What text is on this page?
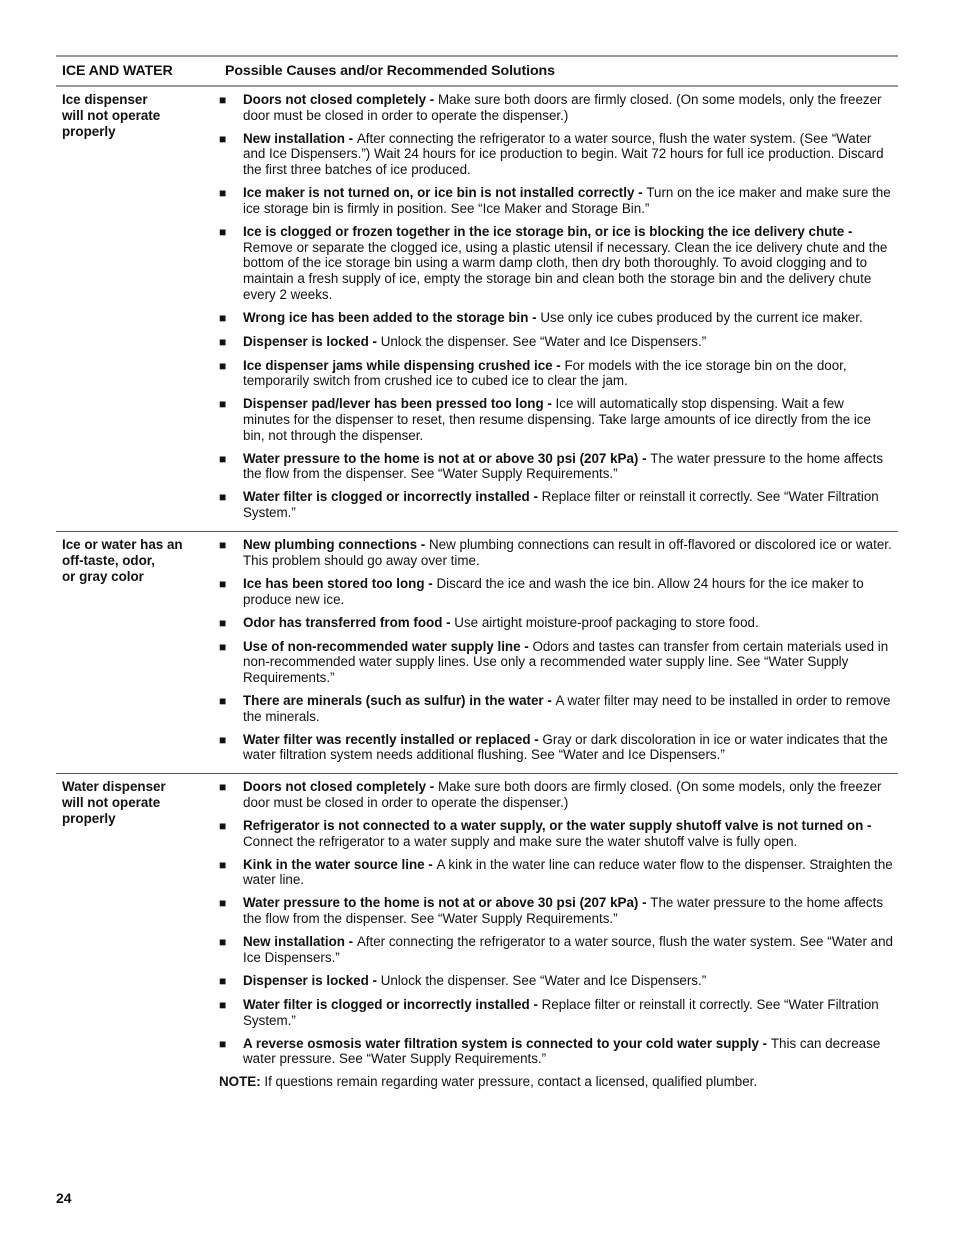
ICE AND WATER	Possible Causes and/or Recommended Solutions
Ice dispenser
will not operate
properly
■	Doors not closed completely - Make sure both doors are firmly closed. (On some models, only the freezer door must be closed in order to operate the dispenser.)
■	New installation - After connecting the refrigerator to a water source, flush the water system. (See “Water and Ice Dispensers.”) Wait 24 hours for ice production to begin. Wait 72 hours for full ice production. Discard the first three batches of ice produced.
■	Ice maker is not turned on, or ice bin is not installed correctly - Turn on the ice maker and make sure the ice storage bin is firmly in position. See “Ice Maker and Storage Bin.”
■	Ice is clogged or frozen together in the ice storage bin, or ice is blocking the ice delivery chute - Remove or separate the clogged ice, using a plastic utensil if necessary. Clean the ice delivery chute and the bottom of the ice storage bin using a warm damp cloth, then dry both thoroughly. To avoid clogging and to maintain a fresh supply of ice, empty the storage bin and clean both the storage bin and the delivery chute every 2 weeks.
■	Wrong ice has been added to the storage bin - Use only ice cubes produced by the current ice maker.
■	Dispenser is locked - Unlock the dispenser. See “Water and Ice Dispensers.”
■	Ice dispenser jams while dispensing crushed ice - For models with the ice storage bin on the door, temporarily switch from crushed ice to cubed ice to clear the jam.
■	Dispenser pad/lever has been pressed too long - Ice will automatically stop dispensing. Wait a few minutes for the dispenser to reset, then resume dispensing. Take large amounts of ice directly from the ice bin, not through the dispenser.
■	Water pressure to the home is not at or above 30 psi (207 kPa) - The water pressure to the home affects the flow from the dispenser. See “Water Supply Requirements.”
■	Water filter is clogged or incorrectly installed - Replace filter or reinstall it correctly. See “Water Filtration System.”
Ice or water has an
off-taste, odor,
or gray color
■	New plumbing connections - New plumbing connections can result in off-flavored or discolored ice or water. This problem should go away over time.
■	Ice has been stored too long - Discard the ice and wash the ice bin. Allow 24 hours for the ice maker to produce new ice.
■	Odor has transferred from food - Use airtight moisture-proof packaging to store food.
■	Use of non-recommended water supply line - Odors and tastes can transfer from certain materials used in non-recommended water supply lines. Use only a recommended water supply line. See “Water Supply Requirements.”
■	There are minerals (such as sulfur) in the water - A water filter may need to be installed in order to remove the minerals.
■	Water filter was recently installed or replaced - Gray or dark discoloration in ice or water indicates that the water filtration system needs additional flushing. See “Water and Ice Dispensers.”
Water dispenser
will not operate
properly
■	Doors not closed completely - Make sure both doors are firmly closed. (On some models, only the freezer door must be closed in order to operate the dispenser.)
■	Refrigerator is not connected to a water supply, or the water supply shutoff valve is not turned on - Connect the refrigerator to a water supply and make sure the water shutoff valve is fully open.
■	Kink in the water source line - A kink in the water line can reduce water flow to the dispenser. Straighten the water line.
■	Water pressure to the home is not at or above 30 psi (207 kPa) - The water pressure to the home affects the flow from the dispenser. See “Water Supply Requirements.”
■	New installation - After connecting the refrigerator to a water source, flush the water system. See “Water and Ice Dispensers.”
■	Dispenser is locked - Unlock the dispenser. See “Water and Ice Dispensers.”
■	Water filter is clogged or incorrectly installed - Replace filter or reinstall it correctly. See “Water Filtration System.”
■	A reverse osmosis water filtration system is connected to your cold water supply - This can decrease water pressure. See “Water Supply Requirements.”
NOTE: If questions remain regarding water pressure, contact a licensed, qualified plumber.
24
